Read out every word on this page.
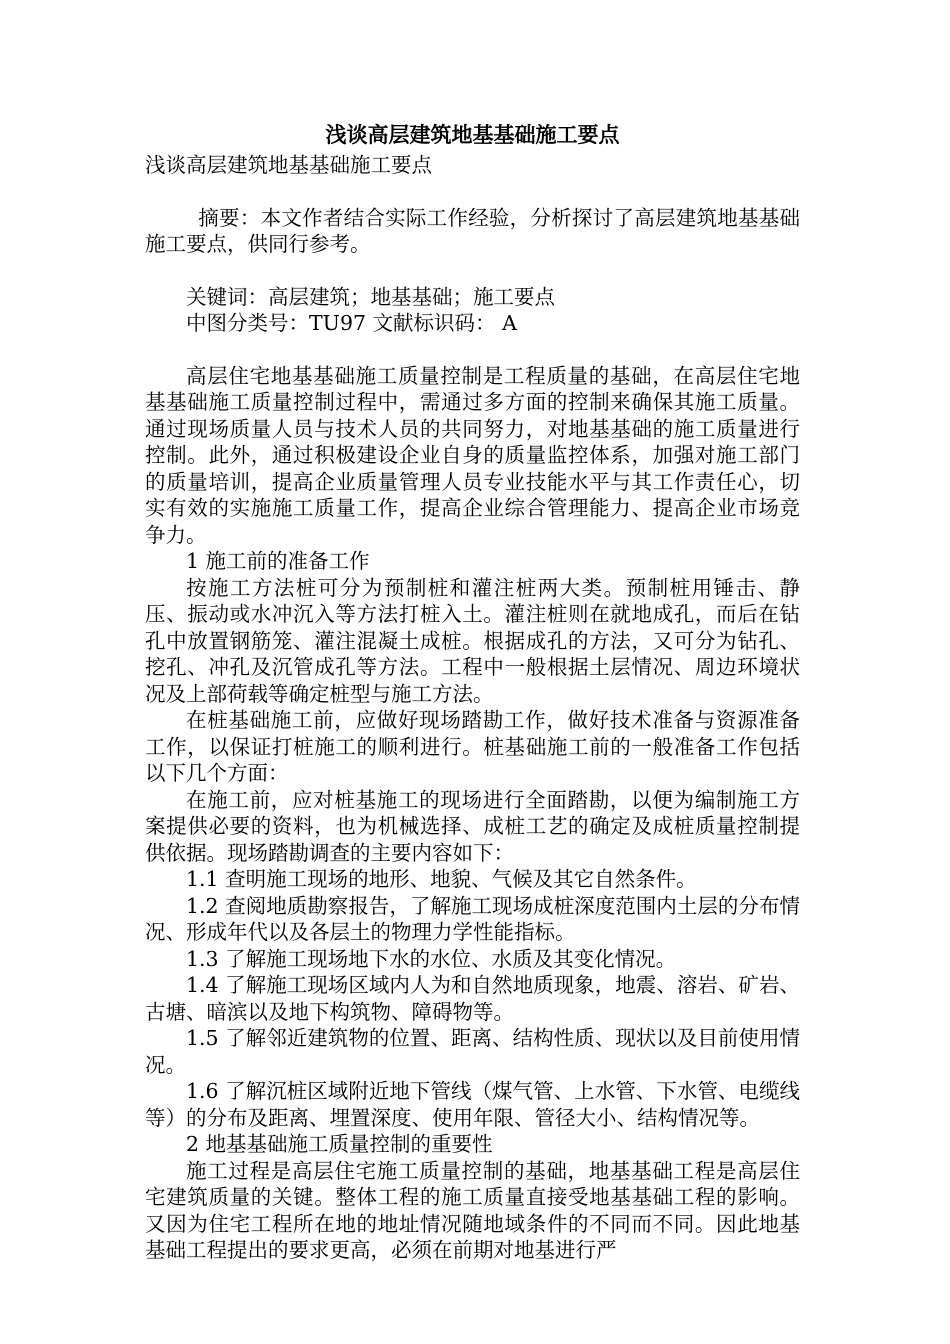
浅谈高层建筑地基基础施工要点

浅谈高层建筑地基基础施工要点

摘要：本文作者结合实际工作经验，分析探讨了高层建筑地基基础施工要点，供同行参考。

关键词：高层建筑；地基基础；施工要点

中图分类号：TU97 文献标识码： A

高层住宅地基基础施工质量控制是工程质量的基础，在高层住宅地基基础施工质量控制过程中，需通过多方面的控制来确保其施工质量。通过现场质量人员与技术人员的共同努力，对地基基础的施工质量进行控制。此外，通过积极建设企业自身的质量监控体系，加强对施工部门的质量培训，提高企业质量管理人员专业技能水平与其工作责任心，切实有效的实施施工质量工作，提高企业综合管理能力、提高企业市场竞争力。

1 施工前的准备工作

按施工方法桩可分为预制桩和灌注桩两大类。预制桩用锤击、静压、振动或水冲沉入等方法打桩入土。灌注桩则在就地成孔，而后在钻孔中放置钢筋笼、灌注混凝土成桩。根据成孔的方法，又可分为钻孔、挖孔、冲孔及沉管成孔等方法。工程中一般根据土层情况、周边环境状况及上部荷载等确定桩型与施工方法。

在桩基础施工前，应做好现场踏勘工作，做好技术准备与资源准备工作，以保证打桩施工的顺利进行。桩基础施工前的一般准备工作包括以下几个方面：

在施工前，应对桩基施工的现场进行全面踏勘，以便为编制施工方案提供必要的资料，也为机械选择、成桩工艺的确定及成桩质量控制提供依据。现场踏勘调查的主要内容如下：

1.1 查明施工现场的地形、地貌、气候及其它自然条件。

1.2 查阅地质勘察报告，了解施工现场成桩深度范围内土层的分布情况、形成年代以及各层土的物理力学性能指标。

1.3 了解施工现场地下水的水位、水质及其变化情况。

1.4 了解施工现场区域内人为和自然地质现象，地震、溶岩、矿岩、古塘、暗滨以及地下构筑物、障碍物等。

1.5 了解邻近建筑物的位置、距离、结构性质、现状以及目前使用情况。

1.6 了解沉桩区域附近地下管线（煤气管、上水管、下水管、电缆线等）的分布及距离、埋置深度、使用年限、管径大小、结构情况等。

2 地基基础施工质量控制的重要性

施工过程是高层住宅施工质量控制的基础，地基基础工程是高层住宅建筑质量的关键。整体工程的施工质量直接受地基基础工程的影响。又因为住宅工程所在地的地址情况随地域条件的不同而不同。因此地基基础工程提出的要求更高，必须在前期对地基进行严
